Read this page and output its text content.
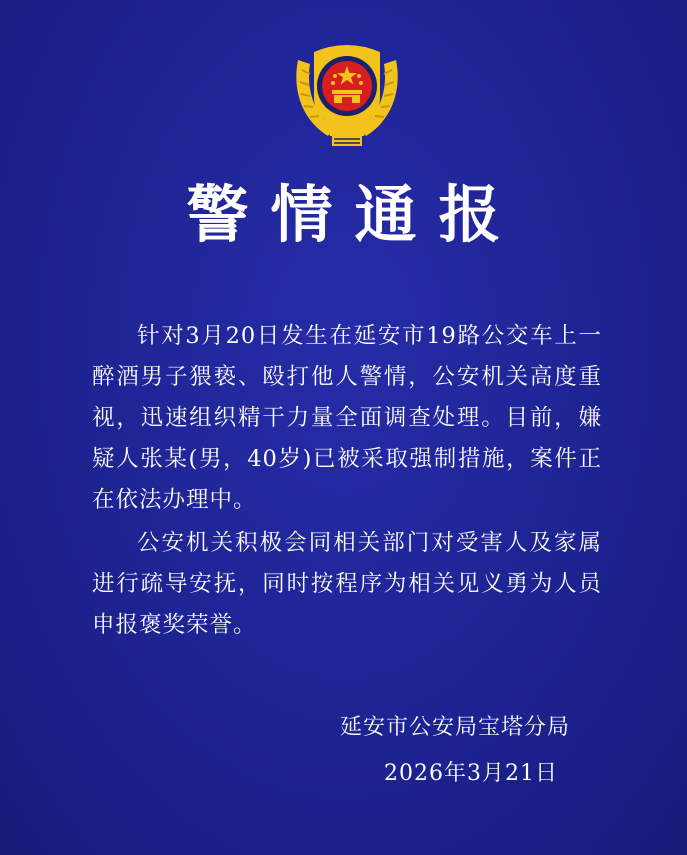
警情通报

针对3月20日发生在延安市19路公交车上一醉酒男子猥亵、殴打他人警情，公安机关高度重视，迅速组织精干力量全面调查处理。目前，嫌疑人张某(男，40岁)已被采取强制措施，案件正在依法办理中。

公安机关积极会同相关部门对受害人及家属进行疏导安抚，同时按程序为相关见义勇为人员申报褒奖荣誉。

延安市公安局宝塔分局
2026年3月21日
